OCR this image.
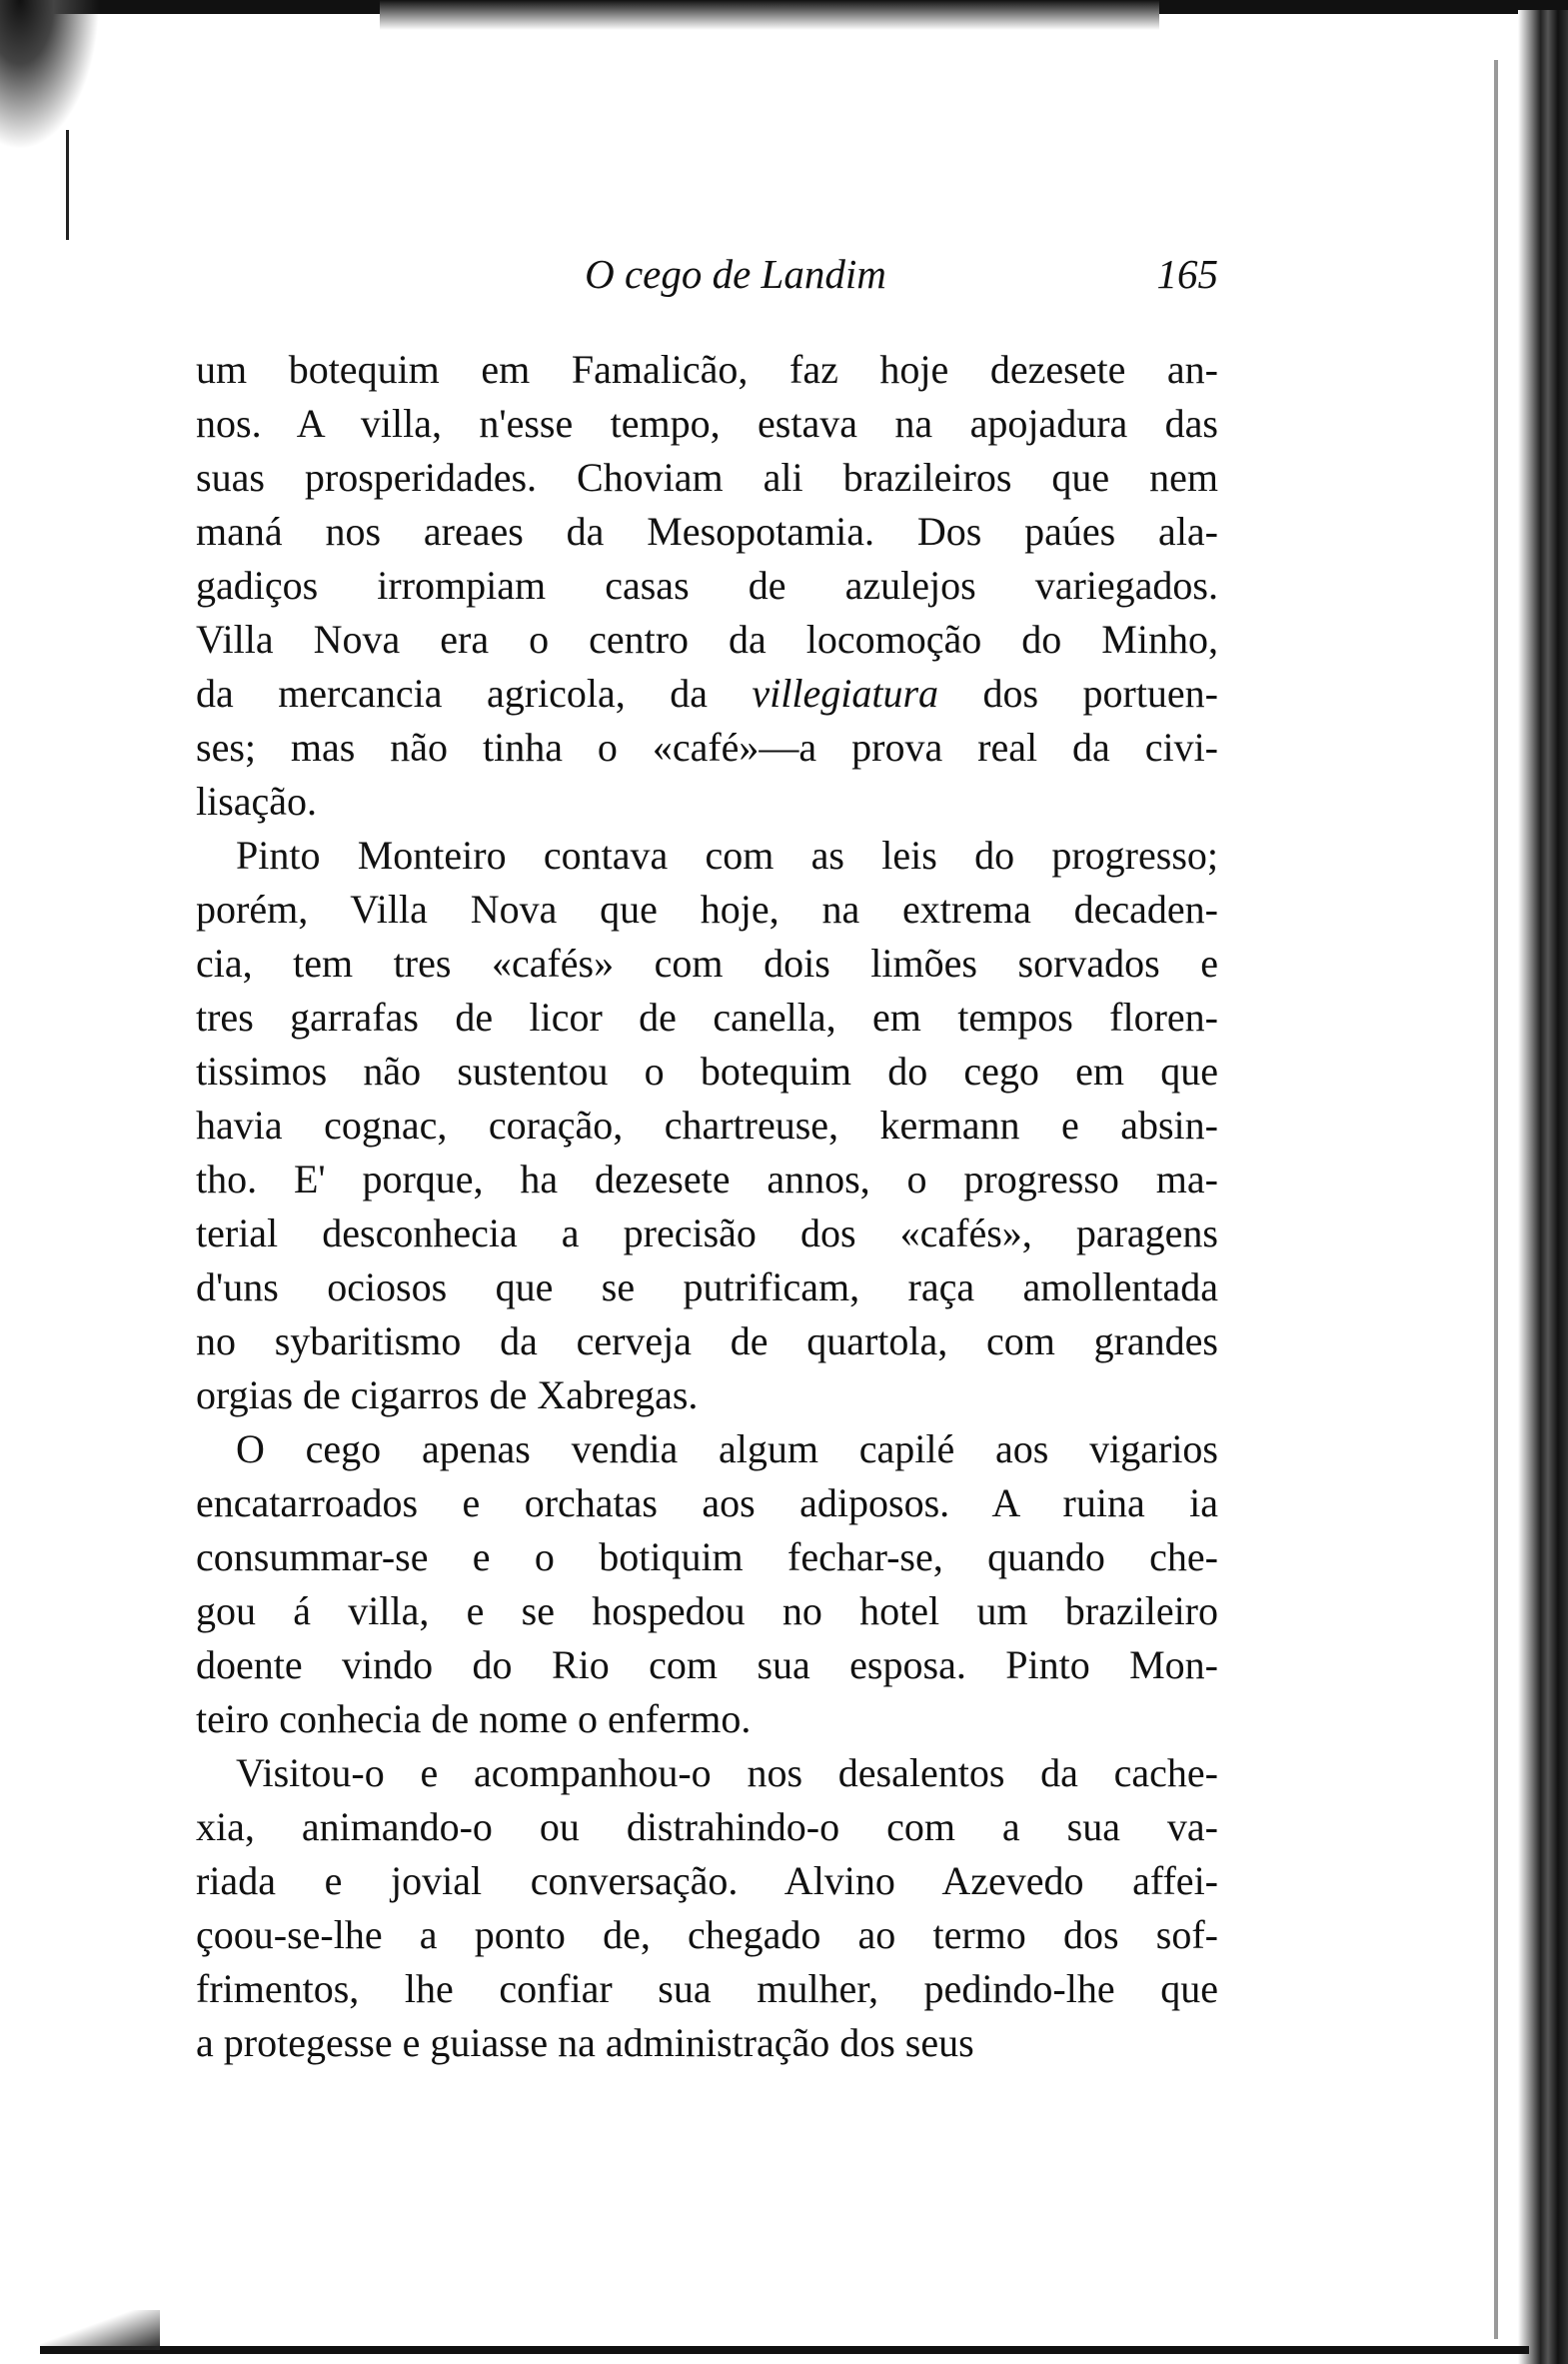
O cego de Landim	165
um botequim em Famalicão, faz hoje dezesete an-
nos. A villa, n'esse tempo, estava na apojadura das
suas prosperidades. Choviam ali brazileiros que nem
maná nos areaes da Mesopotamia. Dos paúes ala-
gadiços irrompiam casas de azulejos variegados.
Villa Nova era o centro da locomoção do Minho,
da mercancia agricola, da villegiatura dos portuen-
ses; mas não tinha o «café»—a prova real da civi-
lisação.
Pinto Monteiro contava com as leis do progresso;
porém, Villa Nova que hoje, na extrema decaden-
cia, tem tres «cafés» com dois limões sorvados e
tres garrafas de licor de canella, em tempos floren-
tissimos não sustentou o botequim do cego em que
havia cognac, coração, chartreuse, kermann e absin-
tho. E' porque, ha dezesete annos, o progresso ma-
terial desconhecia a precisão dos «cafés», paragens
d'uns ociosos que se putrificam, raça amollentada
no sybaritismo da cerveja de quartola, com grandes
orgias de cigarros de Xabregas.
O cego apenas vendia algum capilé aos vigarios
encatarroados e orchatas aos adiposos. A ruina ia
consummar-se e o botiquim fechar-se, quando che-
gou á villa, e se hospedou no hotel um brazileiro
doente vindo do Rio com sua esposa. Pinto Mon-
teiro conhecia de nome o enfermo.
Visitou-o e acompanhou-o nos desalentos da cache-
xia, animando-o ou distrahindo-o com a sua va-
riada e jovial conversação. Alvino Azevedo affei-
çoou-se-lhe a ponto de, chegado ao termo dos sof-
frimentos, lhe confiar sua mulher, pedindo-lhe que
a protegesse e guiasse na administração dos seus
